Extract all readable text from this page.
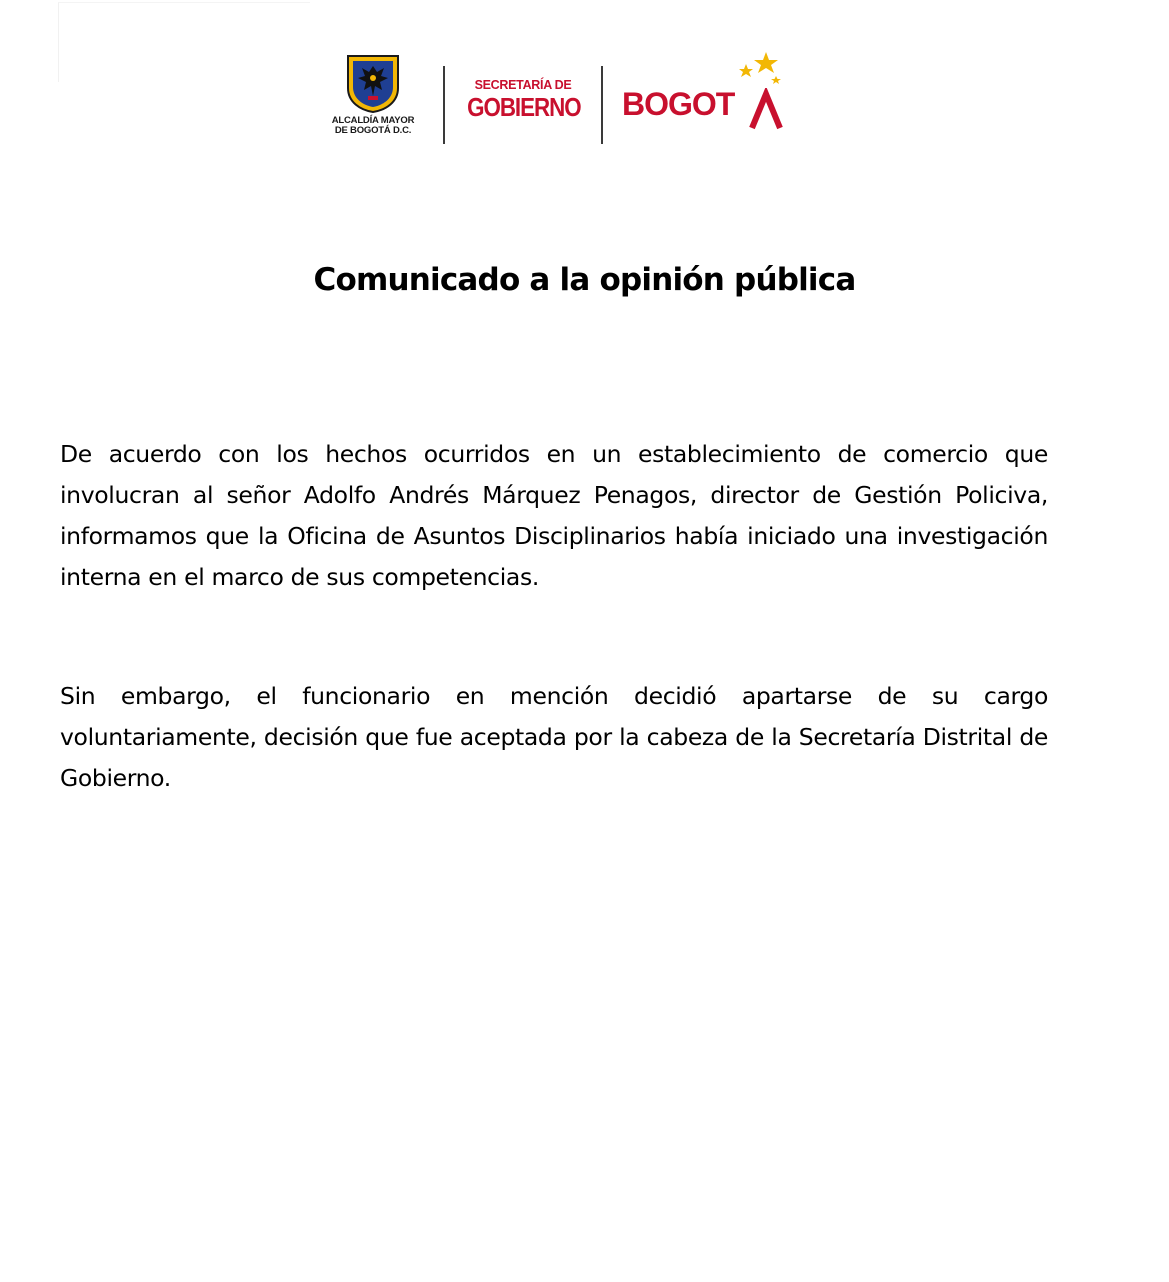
ALCALDÍA MAYOR
DE BOGOTÁ D.C.
SECRETARÍA DE
GOBIERNO BOGOT
Comunicado a la opinión pública

De acuerdo con los hechos ocurridos en un establecimiento de comercio que involucran al señor Adolfo Andrés Márquez Penagos, director de Gestión Policiva, informamos que la Oficina de Asuntos Disciplinarios había iniciado una investigación interna en el marco de sus competencias.

Sin embargo, el funcionario en mención decidió apartarse de su cargo voluntariamente, decisión que fue aceptada por la cabeza de la Secretaría Distrital de Gobierno.
